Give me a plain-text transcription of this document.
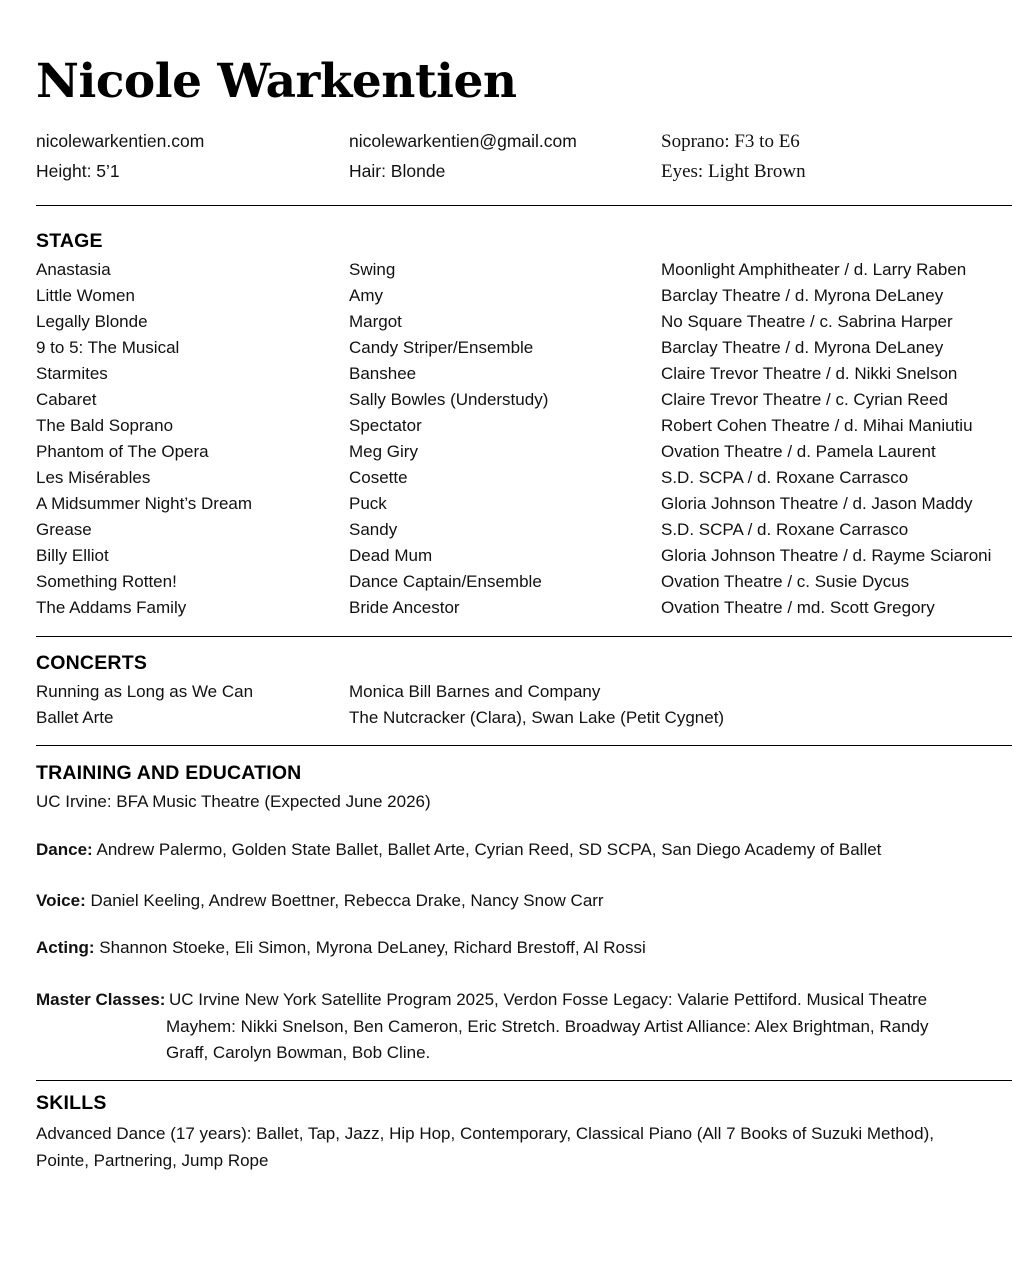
Nicole Warkentien
nicolewarkentien.com	nicolewarkentien@gmail.com	Soprano: F3 to E6
Height: 5’1	Hair: Blonde	Eyes: Light Brown
STAGE
Anastasia	Swing	Moonlight Amphitheater / d. Larry Raben
Little Women	Amy	Barclay Theatre / d. Myrona DeLaney
Legally Blonde	Margot	No Square Theatre / c. Sabrina Harper
9 to 5: The Musical	Candy Striper/Ensemble	Barclay Theatre / d. Myrona DeLaney
Starmites	Banshee	Claire Trevor Theatre / d. Nikki Snelson
Cabaret	Sally Bowles (Understudy)	Claire Trevor Theatre / c. Cyrian Reed
The Bald Soprano	Spectator	Robert Cohen Theatre / d. Mihai Maniutiu
Phantom of The Opera	Meg Giry	Ovation Theatre / d. Pamela Laurent
Les Misérables	Cosette	S.D. SCPA / d. Roxane Carrasco
A Midsummer Night’s Dream	Puck	Gloria Johnson Theatre / d. Jason Maddy
Grease	Sandy	S.D. SCPA / d. Roxane Carrasco
Billy Elliot	Dead Mum	Gloria Johnson Theatre / d. Rayme Sciaroni
Something Rotten!	Dance Captain/Ensemble	Ovation Theatre / c. Susie Dycus
The Addams Family	Bride Ancestor	Ovation Theatre / md. Scott Gregory
CONCERTS
Running as Long as We Can	Monica Bill Barnes and Company
Ballet Arte	The Nutcracker (Clara), Swan Lake (Petit Cygnet)
TRAINING AND EDUCATION
UC Irvine: BFA Music Theatre (Expected June 2026)
Dance: Andrew Palermo, Golden State Ballet, Ballet Arte, Cyrian Reed, SD SCPA, San Diego Academy of Ballet
Voice: Daniel Keeling, Andrew Boettner, Rebecca Drake, Nancy Snow Carr
Acting: Shannon Stoeke, Eli Simon, Myrona DeLaney, Richard Brestoff, Al Rossi
Master Classes: UC Irvine New York Satellite Program 2025, Verdon Fosse Legacy: Valarie Pettiford. Musical Theatre
Mayhem: Nikki Snelson, Ben Cameron, Eric Stretch. Broadway Artist Alliance: Alex Brightman, Randy
Graff, Carolyn Bowman, Bob Cline.
SKILLS
Advanced Dance (17 years): Ballet, Tap, Jazz, Hip Hop, Contemporary, Classical Piano (All 7 Books of Suzuki Method),
Pointe, Partnering, Jump Rope
